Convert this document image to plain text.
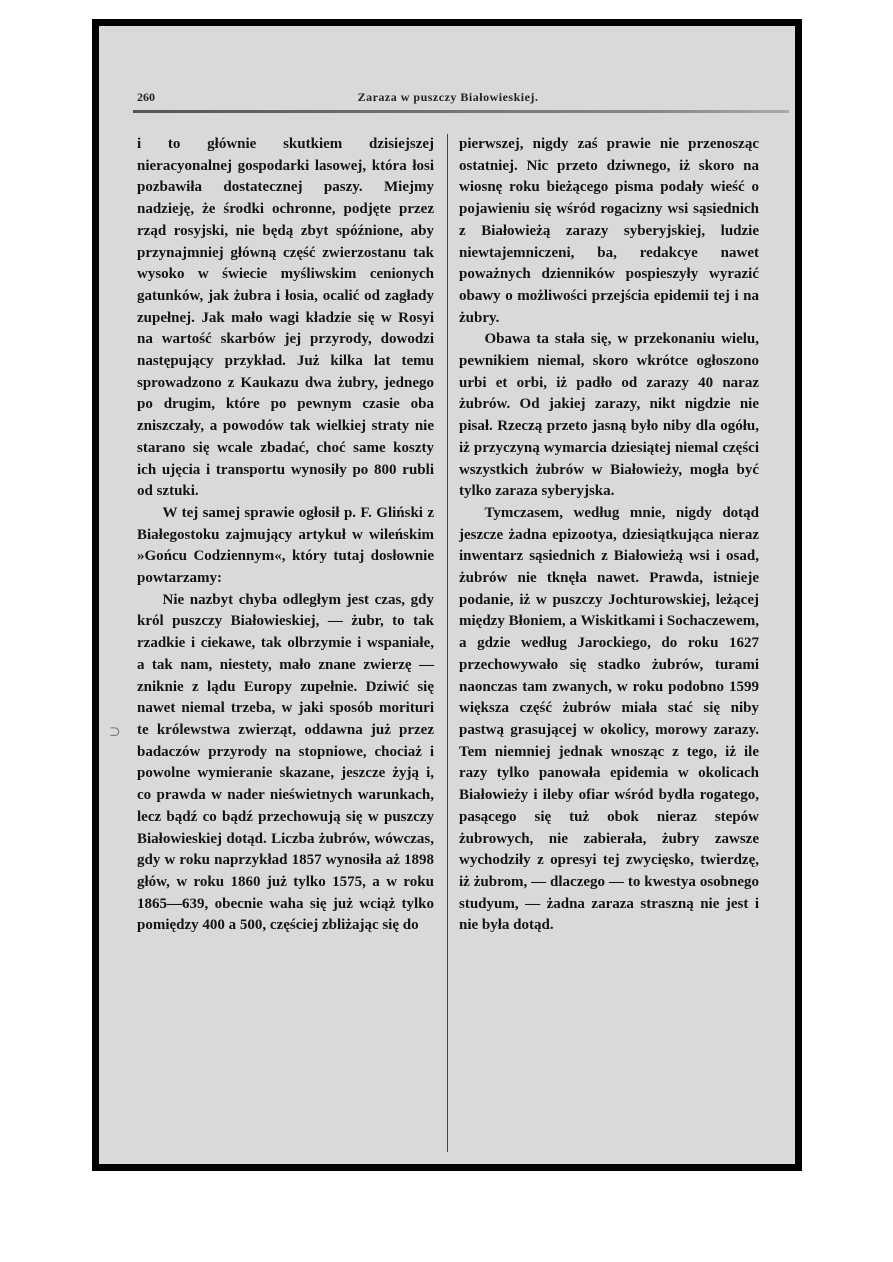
260	Zaraza w puszczy Białowieskiej.
⊃

i to głównie skutkiem dzisiejszej nieracyonalnej gospodarki lasowej, która łosi pozbawiła dostatecznej paszy. Miejmy nadzieję, że środki ochronne, podjęte przez rząd rosyjski, nie będą zbyt spóźnione, aby przynajmniej główną część zwierzostanu tak wysoko w świecie myśliwskim cenionych gatunków, jak żubra i łosia, ocalić od zagłady zupełnej. Jak mało wagi kładzie się w Rosyi na wartość skarbów jej przyrody, dowodzi następujący przykład. Już kilka lat temu sprowadzono z Kaukazu dwa żubry, jednego po drugim, które po pewnym czasie oba zniszczały, a powodów tak wielkiej straty nie starano się wcale zbadać, choć same koszty ich ujęcia i transportu wynosiły po 800 rubli od sztuki.

W tej samej sprawie ogłosił p. F. Gliński z Białegostoku zajmujący artykuł w wileńskim »Gońcu Codziennym«, który tutaj dosłownie powtarzamy:

Nie nazbyt chyba odległym jest czas, gdy król puszczy Białowieskiej, — żubr, to tak rzadkie i ciekawe, tak olbrzymie i wspaniałe, a tak nam, niestety, mało znane zwierzę — zniknie z lądu Europy zupełnie. Dziwić się nawet niemal trzeba, w jaki sposób morituri te królewstwa zwierząt, oddawna już przez badaczów przyrody na stopniowe, chociaż i powolne wymieranie skazane, jeszcze żyją i, co prawda w nader nieświetnych warunkach, lecz bądź co bądź przechowują się w puszczy Białowieskiej dotąd. Liczba żubrów, wówczas, gdy w roku naprzykład 1857 wynosiła aż 1898 głów, w roku 1860 już tylko 1575, a w roku 1865—639, obecnie waha się już wciąż tylko pomiędzy 400 a 500, częściej zbliżając się do

pierwszej, nigdy zaś prawie nie przenosząc ostatniej. Nic przeto dziwnego, iż skoro na wiosnę roku bieżącego pisma podały wieść o pojawieniu się wśród rogacizny wsi sąsiednich z Białowieżą zarazy syberyjskiej, ludzie niewtajemniczeni, ba, redakcye nawet poważnych dzienników pospieszyły wyrazić obawy o możliwości przejścia epidemii tej i na żubry.

Obawa ta stała się, w przekonaniu wielu, pewnikiem niemal, skoro wkrótce ogłoszono urbi et orbi, iż padło od zarazy 40 naraz żubrów. Od jakiej zarazy, nikt nigdzie nie pisał. Rzeczą przeto jasną było niby dla ogółu, iż przyczyną wymarcia dziesiątej niemal części wszystkich żubrów w Białowieży, mogła być tylko zaraza syberyjska.

Tymczasem, według mnie, nigdy dotąd jeszcze żadna epizootya, dziesiątkująca nieraz inwentarz sąsiednich z Białowieżą wsi i osad, żubrów nie tknęła nawet. Prawda, istnieje podanie, iż w puszczy Jochturowskiej, leżącej między Błoniem, a Wiskitkami i Sochaczewem, a gdzie według Jarockiego, do roku 1627 przechowywało się stadko żubrów, turami naonczas tam zwanych, w roku podobno 1599 większa część żubrów miała stać się niby pastwą grasującej w okolicy, morowy zarazy. Tem niemniej jednak wnosząc z tego, iż ile razy tylko panowała epidemia w okolicach Białowieży i ileby ofiar wśród bydła rogatego, pasącego się tuż obok nieraz stepów żubrowych, nie zabierała, żubry zawsze wychodziły z opresyi tej zwycięsko, twierdzę, iż żubrom, — dlaczego — to kwestya osobnego studyum, — żadna zaraza straszną nie jest i nie była dotąd.
